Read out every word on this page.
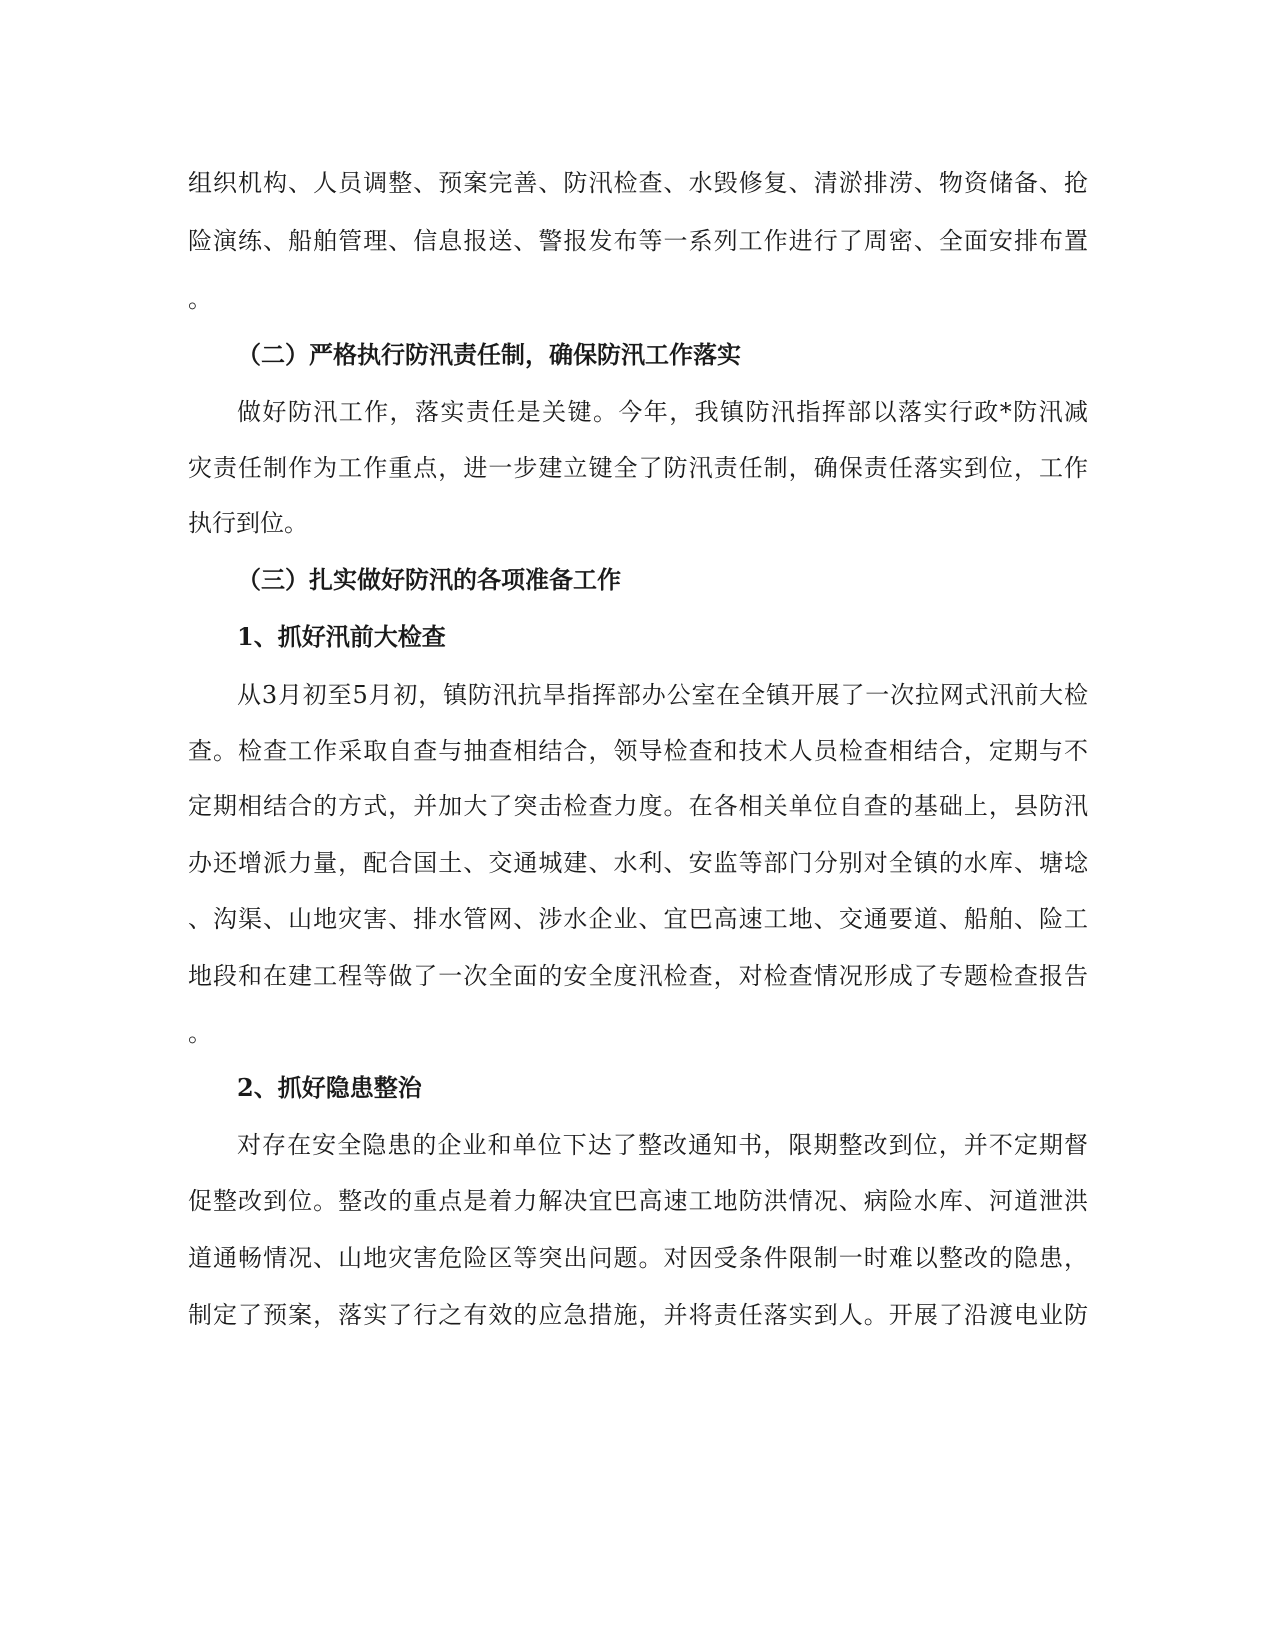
组织机构、人员调整、预案完善、防汛检查、水毁修复、清淤排涝、物资储备、抢
险演练、船舶管理、信息报送、警报发布等一系列工作进行了周密、全面安排布置
。
（二）严格执行防汛责任制，确保防汛工作落实
做好防汛工作，落实责任是关键。今年，我镇防汛指挥部以落实行政*防汛减
灾责任制作为工作重点，进一步建立键全了防汛责任制，确保责任落实到位，工作
执行到位。
（三）扎实做好防汛的各项准备工作
1、抓好汛前大检查
从3月初至5月初，镇防汛抗旱指挥部办公室在全镇开展了一次拉网式汛前大检
查。检查工作采取自查与抽查相结合，领导检查和技术人员检查相结合，定期与不
定期相结合的方式，并加大了突击检查力度。在各相关单位自查的基础上，县防汛
办还增派力量，配合国土、交通城建、水利、安监等部门分别对全镇的水库、塘埝
、沟渠、山地灾害、排水管网、涉水企业、宜巴高速工地、交通要道、船舶、险工
地段和在建工程等做了一次全面的安全度汛检查，对检查情况形成了专题检查报告
。
2、抓好隐患整治
对存在安全隐患的企业和单位下达了整改通知书，限期整改到位，并不定期督
促整改到位。整改的重点是着力解决宜巴高速工地防洪情况、病险水库、河道泄洪
道通畅情况、山地灾害危险区等突出问题。对因受条件限制一时难以整改的隐患，
制定了预案，落实了行之有效的应急措施，并将责任落实到人。开展了沿渡电业防
